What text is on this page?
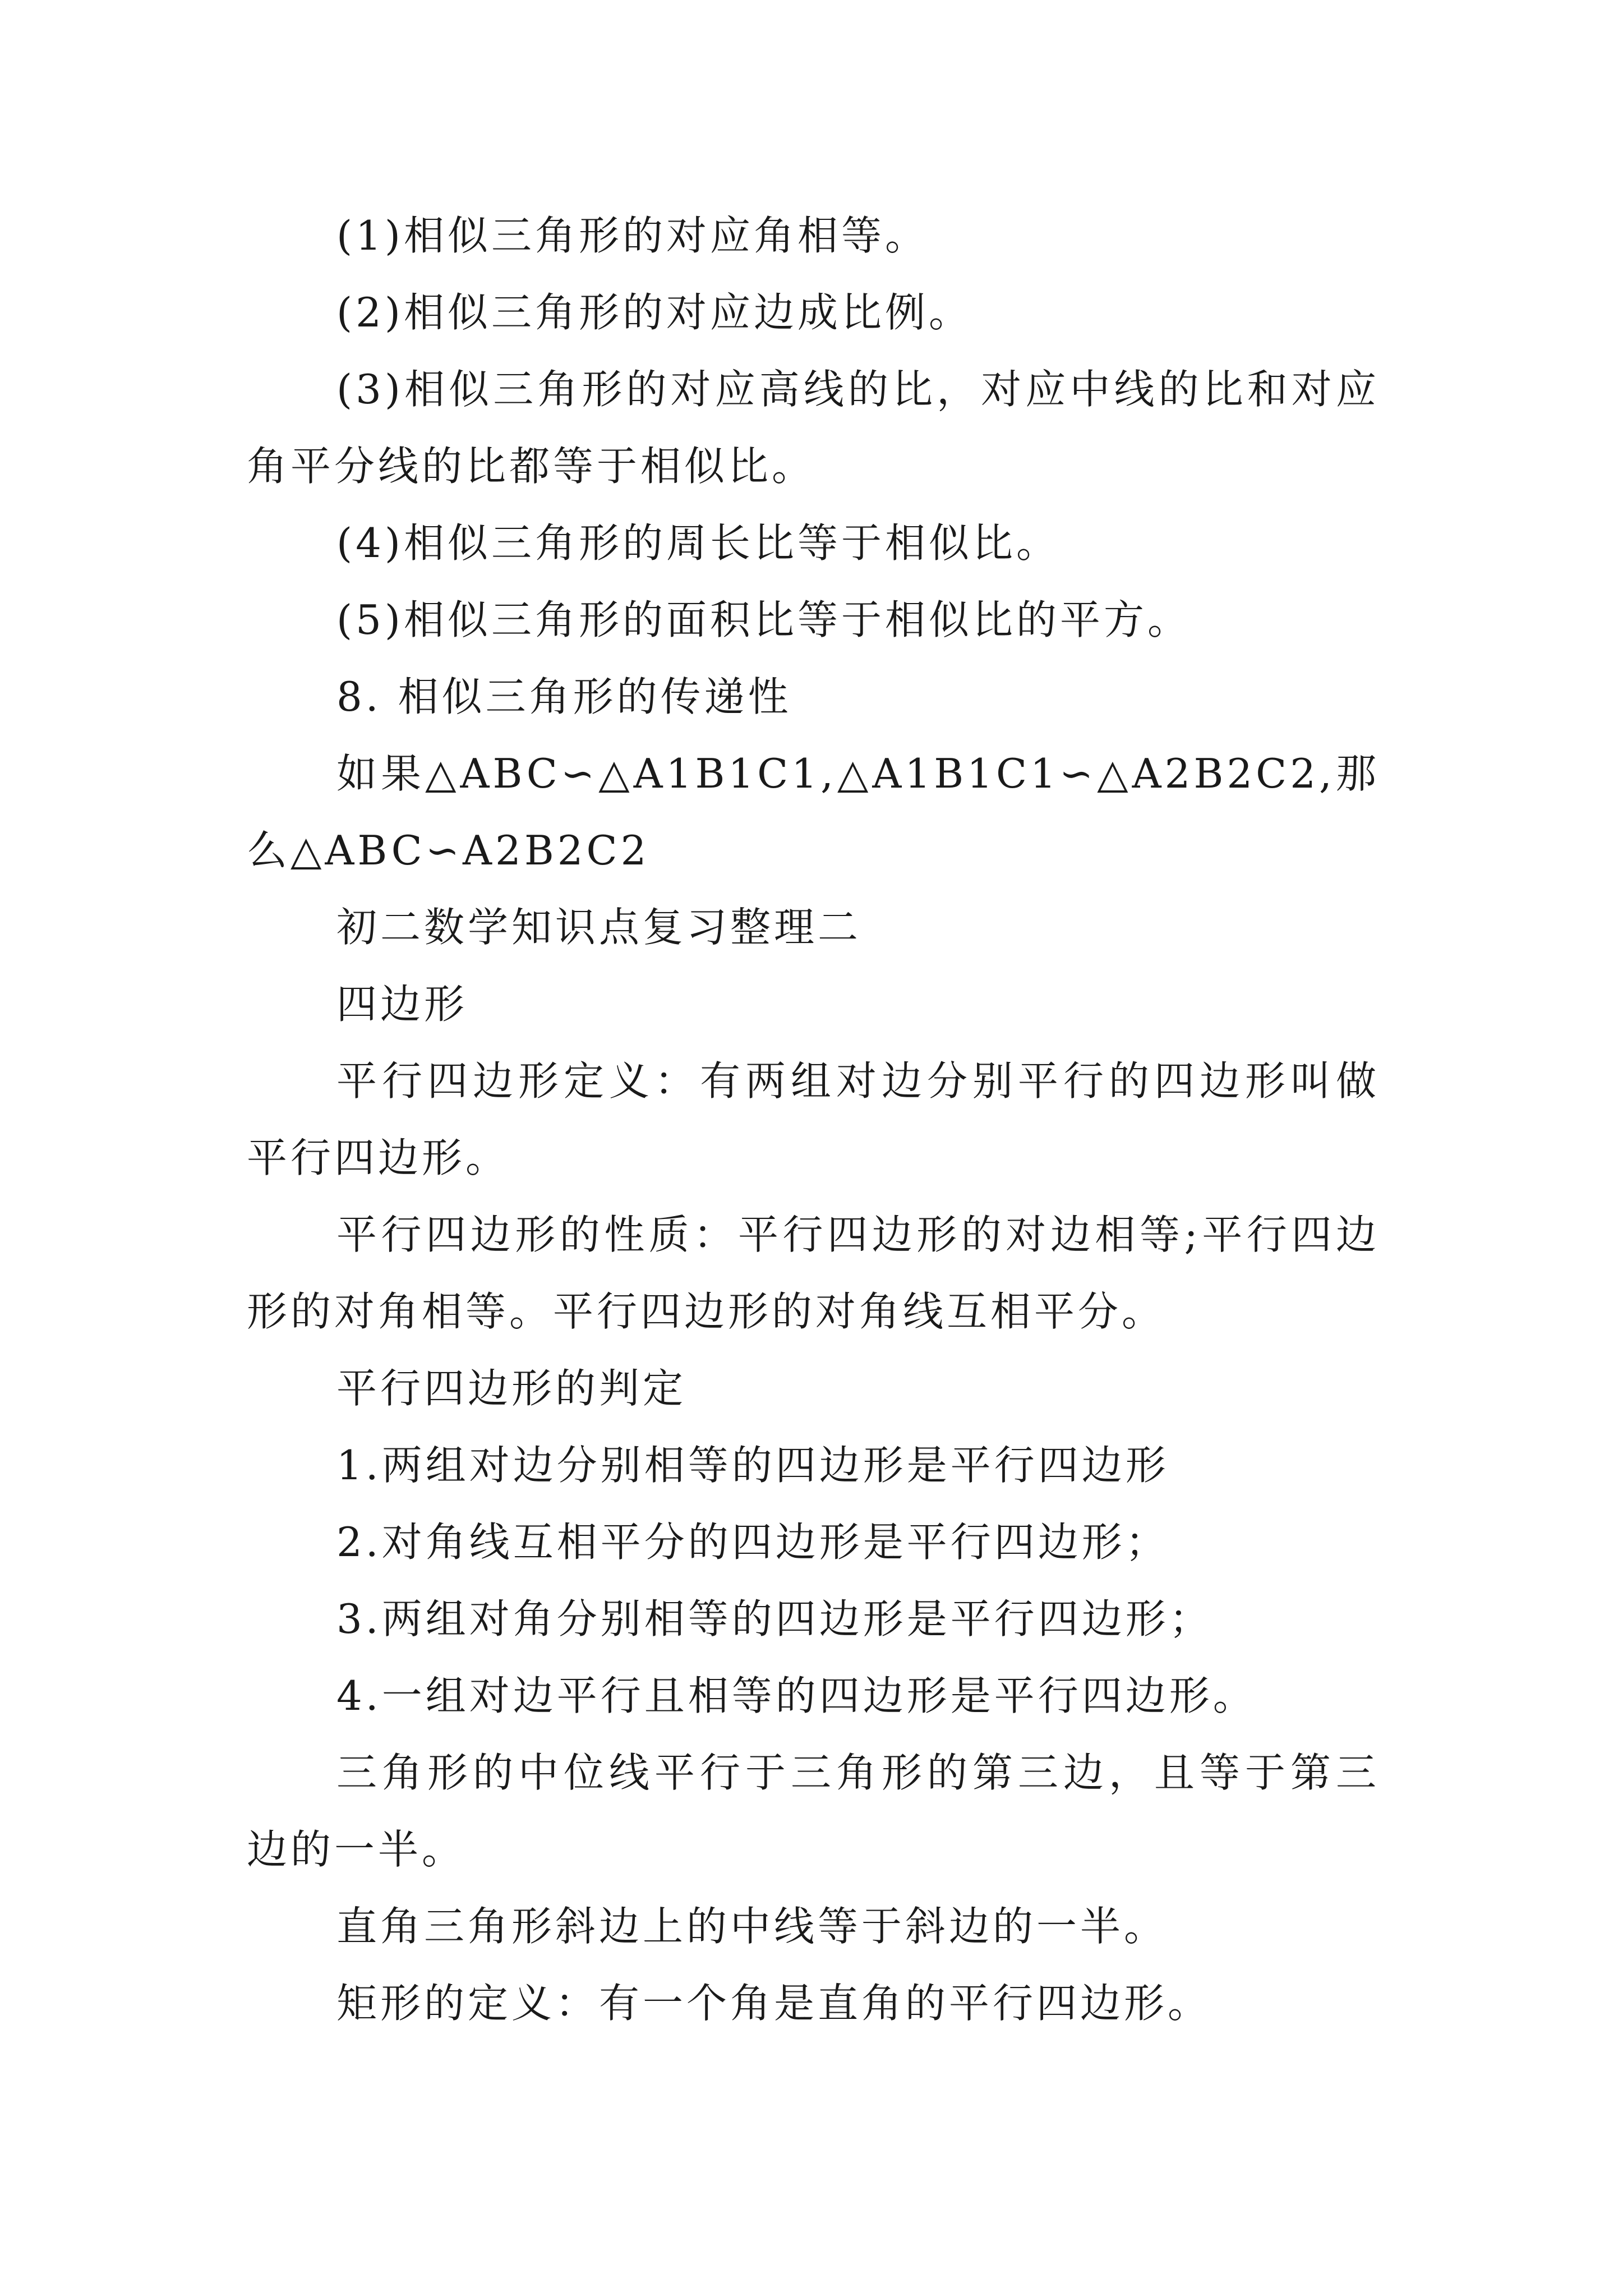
(1)相似三角形的对应角相等。

(2)相似三角形的对应边成比例。

(3)相似三角形的对应高线的比，对应中线的比和对应角平分线的比都等于相似比。

(4)相似三角形的周长比等于相似比。

(5)相似三角形的面积比等于相似比的平方。

8. 相似三角形的传递性

如果△ABC∽△A1B1C1,△A1B1C1∽△A2B2C2,那么△ABC∽A2B2C2

初二数学知识点复习整理二

四边形

平行四边形定义：有两组对边分别平行的四边形叫做平行四边形。

平行四边形的性质：平行四边形的对边相等;平行四边形的对角相等。平行四边形的对角线互相平分。

平行四边形的判定

1.两组对边分别相等的四边形是平行四边形

2.对角线互相平分的四边形是平行四边形；

3.两组对角分别相等的四边形是平行四边形；

4.一组对边平行且相等的四边形是平行四边形。

三角形的中位线平行于三角形的第三边，且等于第三边的一半。

直角三角形斜边上的中线等于斜边的一半。

矩形的定义：有一个角是直角的平行四边形。
